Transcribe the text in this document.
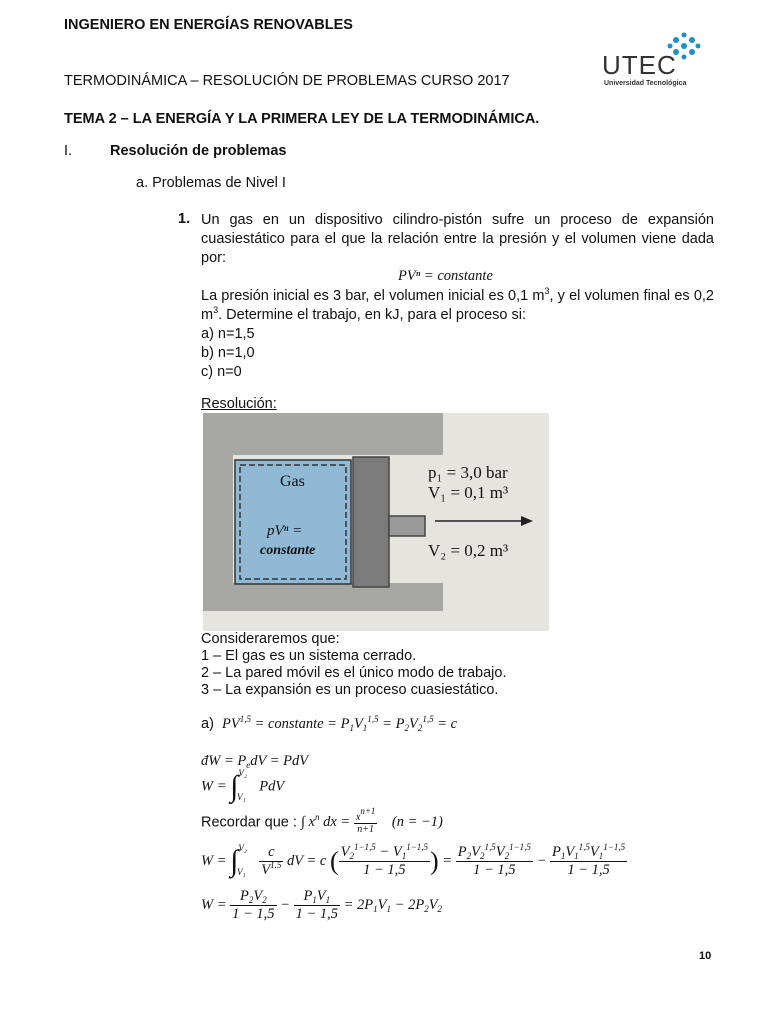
INGENIERO EN ENERGÍAS RENOVABLES
TERMODINÁMICA – RESOLUCIÓN DE PROBLEMAS CURSO 2017
UTEC
Universidad Tecnológica
TEMA 2 – LA ENERGÍA Y LA PRIMERA LEY DE LA TERMODINÁMICA.
I.	Resolución de problemas
a. Problemas de Nivel I
1. Un gas en un dispositivo cilindro-pistón sufre un proceso de expansión cuasiestático para el que la relación entre la presión y el volumen viene dada por:
PVⁿ = constante
La presión inicial es 3 bar, el volumen inicial es 0,1 $m^3$, y el volumen final es 0,2 $m^3$. Determine el trabajo, en kJ, para el proceso si:
a) n=1,5
b) n=1,0
c) n=0
Resolución:
Gas
pVⁿ =
constante
p₁ = 3,0 bar
V₁ = 0,1 m³
V₂ = 0,2 m³
Consideraremos que:
1 – El gas es un sistema cerrado.
2 – La pared móvil es el único modo de trabajo.
3 – La expansión es un proceso cuasiestático.
a) PV$^{1,5}$ = constante = $P_1V_1^{1,5} = P_2V_2^{1,5} = c$
đW = $P_edV$ = PdV
W = ∫$^{V_2}_{V_1}$ PdV
Recordar que : ∫ $x^n$ dx = $\frac{x^{n+1}}{n+1} (n = -1)$
$W = \int^{V_2}_{V_1} \frac{c}{V^{1.5}}$ dV = c ( $\frac{V_2^{1-1,5} - V_1^{1-1,5}}{1 - 1,5}$ ) = $\frac{P_2V_2^{1,5}V_2^{1-1,5}}{1 - 1,5} - \frac{P_1V_1^{1,5}V_1^{1-1,5}}{1 - 1,5}$
$W = \frac{P_2V_2}{1 - 1,5} - \frac{P_1V_1}{1 - 1,5} = 2P_1V_1 - 2P_2V_2$
10
